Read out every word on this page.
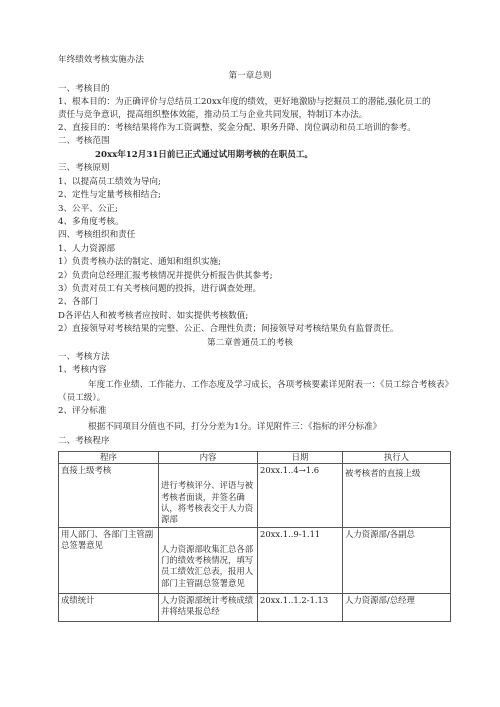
年终绩效考核实施办法
第一章总则
一、考核目的
1、根本目的：为正确评价与总结员工20xx年度的绩效，更好地激励与挖掘员工的潜能,强化员工的
责任与竞争意识，提高组织整体效能，推动员工与企业共同发展，特制订本办法。
2、直接目的：考核结果将作为工资调整、奖金分配、职务升降、岗位调动和员工培训的参考。
二、考核范围
20xx年12月31日前已正式通过试用期考核的在职员工。
三、考核原则
1、以提高员工绩效为导向;
2、定性与定量考核相结合;
3、公平、公正;
4、多角度考核。
四、考核组织和责任
1、人力资源部
1）负责考核办法的制定、通知和组织实施;
2）负责向总经理汇报考核情况并提供分析报告供其参考;
3）负责对员工有关考核问题的投拆，进行调查处理。
2、各部门
D各评估人和被考核者应按时、如实提供考核数值;
2）直接领导对考核结果的完整、公正、合理性负责；间接领导对考核结果负有监督责任。
第二章普通员工的考核
一、考核方法
1、考核内容
年度工作业绩、工作能力、工作态度及学习成长，各项考核要素详见附表一：《员工综合考核表》
（员工级）。
2、评分标准
根据不同项目分值也不同，打分分差为1分。详见附件三：《指标的评分标准》
二、考核程序
程序	内容	日期	执行人
直接上级考核	进行考核评分、评语与被考核者面谈，并签名确认，将考核表交于人力资源部	20xx.1..4→1.6	被考核者的直接上级
用人部门、各部门主管副总签署意见	人力资源部收集汇总各部门的绩效考核情况，填写员工绩效汇总表，报用人部门主管副总签署意见	20xx.1..9-1.11	人力资源部/各副总
成绩统计	人力资源部统计考核成绩并将结果报总经	20xx.1..1.2-1.13	人力资源部/总经理
